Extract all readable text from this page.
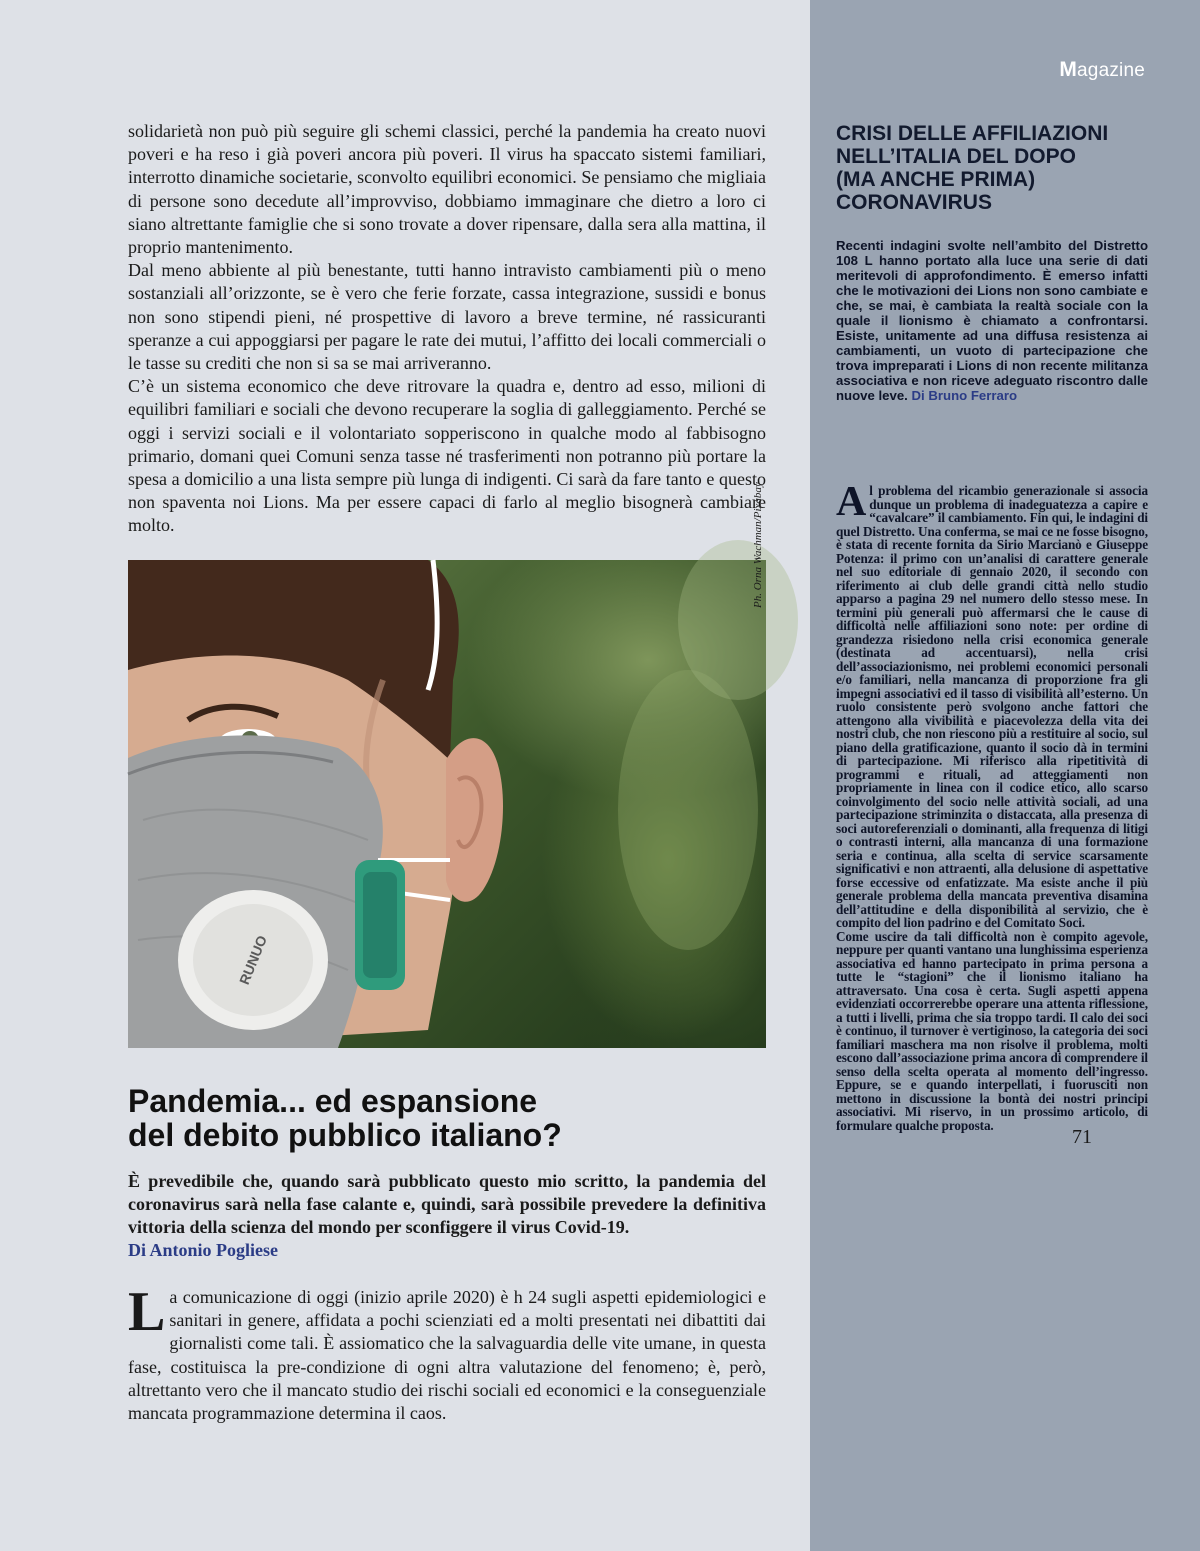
Magazine

solidarietà non può più seguire gli schemi classici, perché la pandemia ha creato nuovi poveri e ha reso i già poveri ancora più poveri. Il virus ha spaccato sistemi familiari, interrotto dinamiche societarie, sconvolto equilibri economici. Se pensiamo che migliaia di persone sono decedute all’improvviso, dobbiamo immaginare che dietro a loro ci siano altrettante famiglie che si sono trovate a dover ripensare, dalla sera alla mattina, il proprio mantenimento.

Dal meno abbiente al più benestante, tutti hanno intravisto cambiamenti più o meno sostanziali all’orizzonte, se è vero che ferie forzate, cassa integrazione, sussidi e bonus non sono stipendi pieni, né prospettive di lavoro a breve termine, né rassicuranti speranze a cui appoggiarsi per pagare le rate dei mutui, l’affitto dei locali commerciali o le tasse su crediti che non si sa se mai arriveranno.

C’è un sistema economico che deve ritrovare la quadra e, dentro ad esso, milioni di equilibri familiari e sociali che devono recuperare la soglia di galleggiamento. Perché se oggi i servizi sociali e il volontariato sopperiscono in qualche modo al fabbisogno primario, domani quei Comuni senza tasse né trasferimenti non potranno più portare la spesa a domicilio a una lista sempre più lunga di indigenti. Ci sarà da fare tanto e questo non spaventa noi Lions. Ma per essere capaci di farlo al meglio bisognerà cambiare molto.

RUNUO
Ph. Orna Wachman/Pixabay
Pandemia... ed espansione
del debito pubblico italiano?
È prevedibile che, quando sarà pubblicato questo mio scritto, la pandemia del coronavirus sarà nella fase calante e, quindi, sarà possibile prevedere la definitiva vittoria della scienza del mondo per sconfiggere il virus Covid-19.
Di Antonio Pogliese
L a comunicazione di oggi (inizio aprile 2020) è h 24 sugli aspetti epidemiologici e sanitari in genere, affidata a pochi scienziati ed a molti presentati nei dibattiti dai giornalisti come tali. È assiomatico che la salvaguardia delle vite umane, in questa fase, costituisca la pre-condizione di ogni altra valutazione del fenomeno; è, però, altrettanto vero che il mancato studio dei rischi sociali ed economici e la conseguenziale mancata programmazione determina il caos.
CRISI DELLE AFFILIAZIONI
NELL’ITALIA DEL DOPO
(MA ANCHE PRIMA)
CORONAVIRUS
Recenti indagini svolte nell’ambito del Distretto 108 L hanno portato alla luce una serie di dati meritevoli di approfondimento. È emerso infatti che le motivazioni dei Lions non sono cambiate e che, se mai, è cambiata la realtà sociale con la quale il lionismo è chiamato a confrontarsi. Esiste, unitamente ad una diffusa resistenza ai cambiamenti, un vuoto di partecipazione che trova impreparati i Lions di non recente militanza associativa e non riceve adeguato riscontro dalle nuove leve. Di Bruno Ferraro

Al problema del ricambio generazionale si associa dunque un problema di inadeguatezza a capire e “cavalcare” il cambiamento. Fin qui, le indagini di quel Distretto. Una conferma, se mai ce ne fosse bisogno, è stata di recente fornita da Sirio Marcianò e Giuseppe Potenza: il primo con un’analisi di carattere generale nel suo editoriale di gennaio 2020, il secondo con riferimento ai club delle grandi città nello studio apparso a pagina 29 nel numero dello stesso mese. In termini più generali può affermarsi che le cause di difficoltà nelle affiliazioni sono note: per ordine di grandezza risiedono nella crisi economica generale (destinata ad accentuarsi), nella crisi dell’associazionismo, nei problemi economici personali e/o familiari, nella mancanza di proporzione fra gli impegni associativi ed il tasso di visibilità all’esterno. Un ruolo consistente però svolgono anche fattori che attengono alla vivibilità e piacevolezza della vita dei nostri club, che non riescono più a restituire al socio, sul piano della gratificazione, quanto il socio dà in termini di partecipazione. Mi riferisco alla ripetitività di programmi e rituali, ad atteggiamenti non propriamente in linea con il codice etico, allo scarso coinvolgimento del socio nelle attività sociali, ad una partecipazione striminzita o distaccata, alla presenza di soci autoreferenziali o dominanti, alla frequenza di litigi o contrasti interni, alla mancanza di una formazione seria e continua, alla scelta di service scarsamente significativi e non attraenti, alla delusione di aspettative forse eccessive od enfatizzate. Ma esiste anche il più generale problema della mancata preventiva disamina dell’attitudine e della disponibilità al servizio, che è compito del lion padrino e del Comitato Soci.

Come uscire da tali difficoltà non è compito agevole, neppure per quanti vantano una lunghissima esperienza associativa ed hanno partecipato in prima persona a tutte le “stagioni” che il lionismo italiano ha attraversato. Una cosa è certa. Sugli aspetti appena evidenziati occorrerebbe operare una attenta riflessione, a tutti i livelli, prima che sia troppo tardi. Il calo dei soci è continuo, il turnover è vertiginoso, la categoria dei soci familiari maschera ma non risolve il problema, molti escono dall’associazione prima ancora di comprendere il senso della scelta operata al momento dell’ingresso. Eppure, se e quando interpellati, i fuorusciti non mettono in discussione la bontà dei nostri principi associativi. Mi riservo, in un prossimo articolo, di formulare qualche proposta.

71
